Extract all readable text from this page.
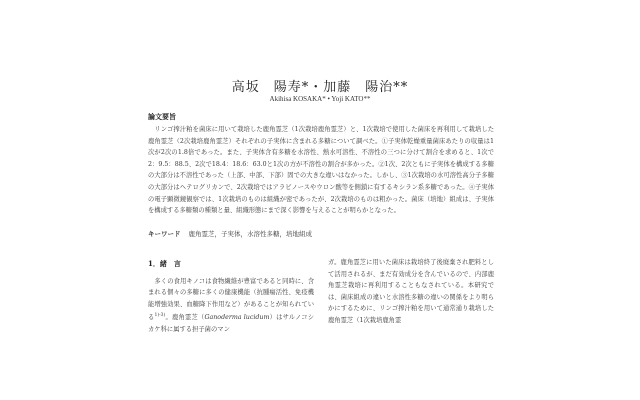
高坂　陽寿*・加藤　陽治**
Akihisa KOSAKA* • Yoji KATO**
論文要旨
　リンゴ搾汁粕を菌床に用いて栽培した鹿角霊芝（1次栽培鹿角霊芝）と、1次栽培で使用した菌床を再利用して栽培した鹿角霊芝（2次栽培鹿角霊芝）それぞれの子実体に含まれる多糖について調べた。①子実体乾燥重量菌床あたりの収量は1次が2次の1.8倍であった。また、子実体含有多糖を水溶性、熱水可溶性、不溶性の三つに分けて割合を求めると、1次で2：9.5：88.5、2次で18.4：18.6：63.0と1次の方が不溶性の割合が多かった。②1次、2次ともに子実体を構成する多糖の大部分は不溶性であった（上部、中部、下部）固での大きな違いはなかった。しかし、③1次栽培の水可溶性高分子多糖の大部分はヘテログリカンで、2次栽培ではアラビノースやウロン酸等を側鎖に有するキシラン系多糖であった。④子実体の電子顕微鏡観察では、1次栽培のものは組織が密であったが、2次栽培のものは粗かった。菌床（培地）組成は、子実体を構成する多糖類の種類と量、組織形態にまで深く影響を与えることが明らかとなった。
キーワード 鹿角霊芝，子実体，水溶性多糖，培地組成
1．緒　言
　多くの食用キノコは食物繊維が豊富であると同時に、含まれる個々の多糖に多くの健康機能（抗腫瘍活性、免疫機能増強効果、血糖降下作用など）があることが知られている$^{1)-3)}$。鹿角霊芝（Ganoderma lucidum）はサルノコシカケ科に属する担子菌のマン
ガ。鹿角霊芝に用いた菌床は栽培終了後廃棄され肥料として活用されるが、まだ有効成分を含んでいるので、内部鹿角霊芝栽培に再利用することもなされている。本研究では、菌床組成の違いと水溶性多糖の違いの関係をより明らかにするために、リンゴ搾汁粕を用いて通常通り栽培した鹿角霊芝（1次栽培鹿角霊
